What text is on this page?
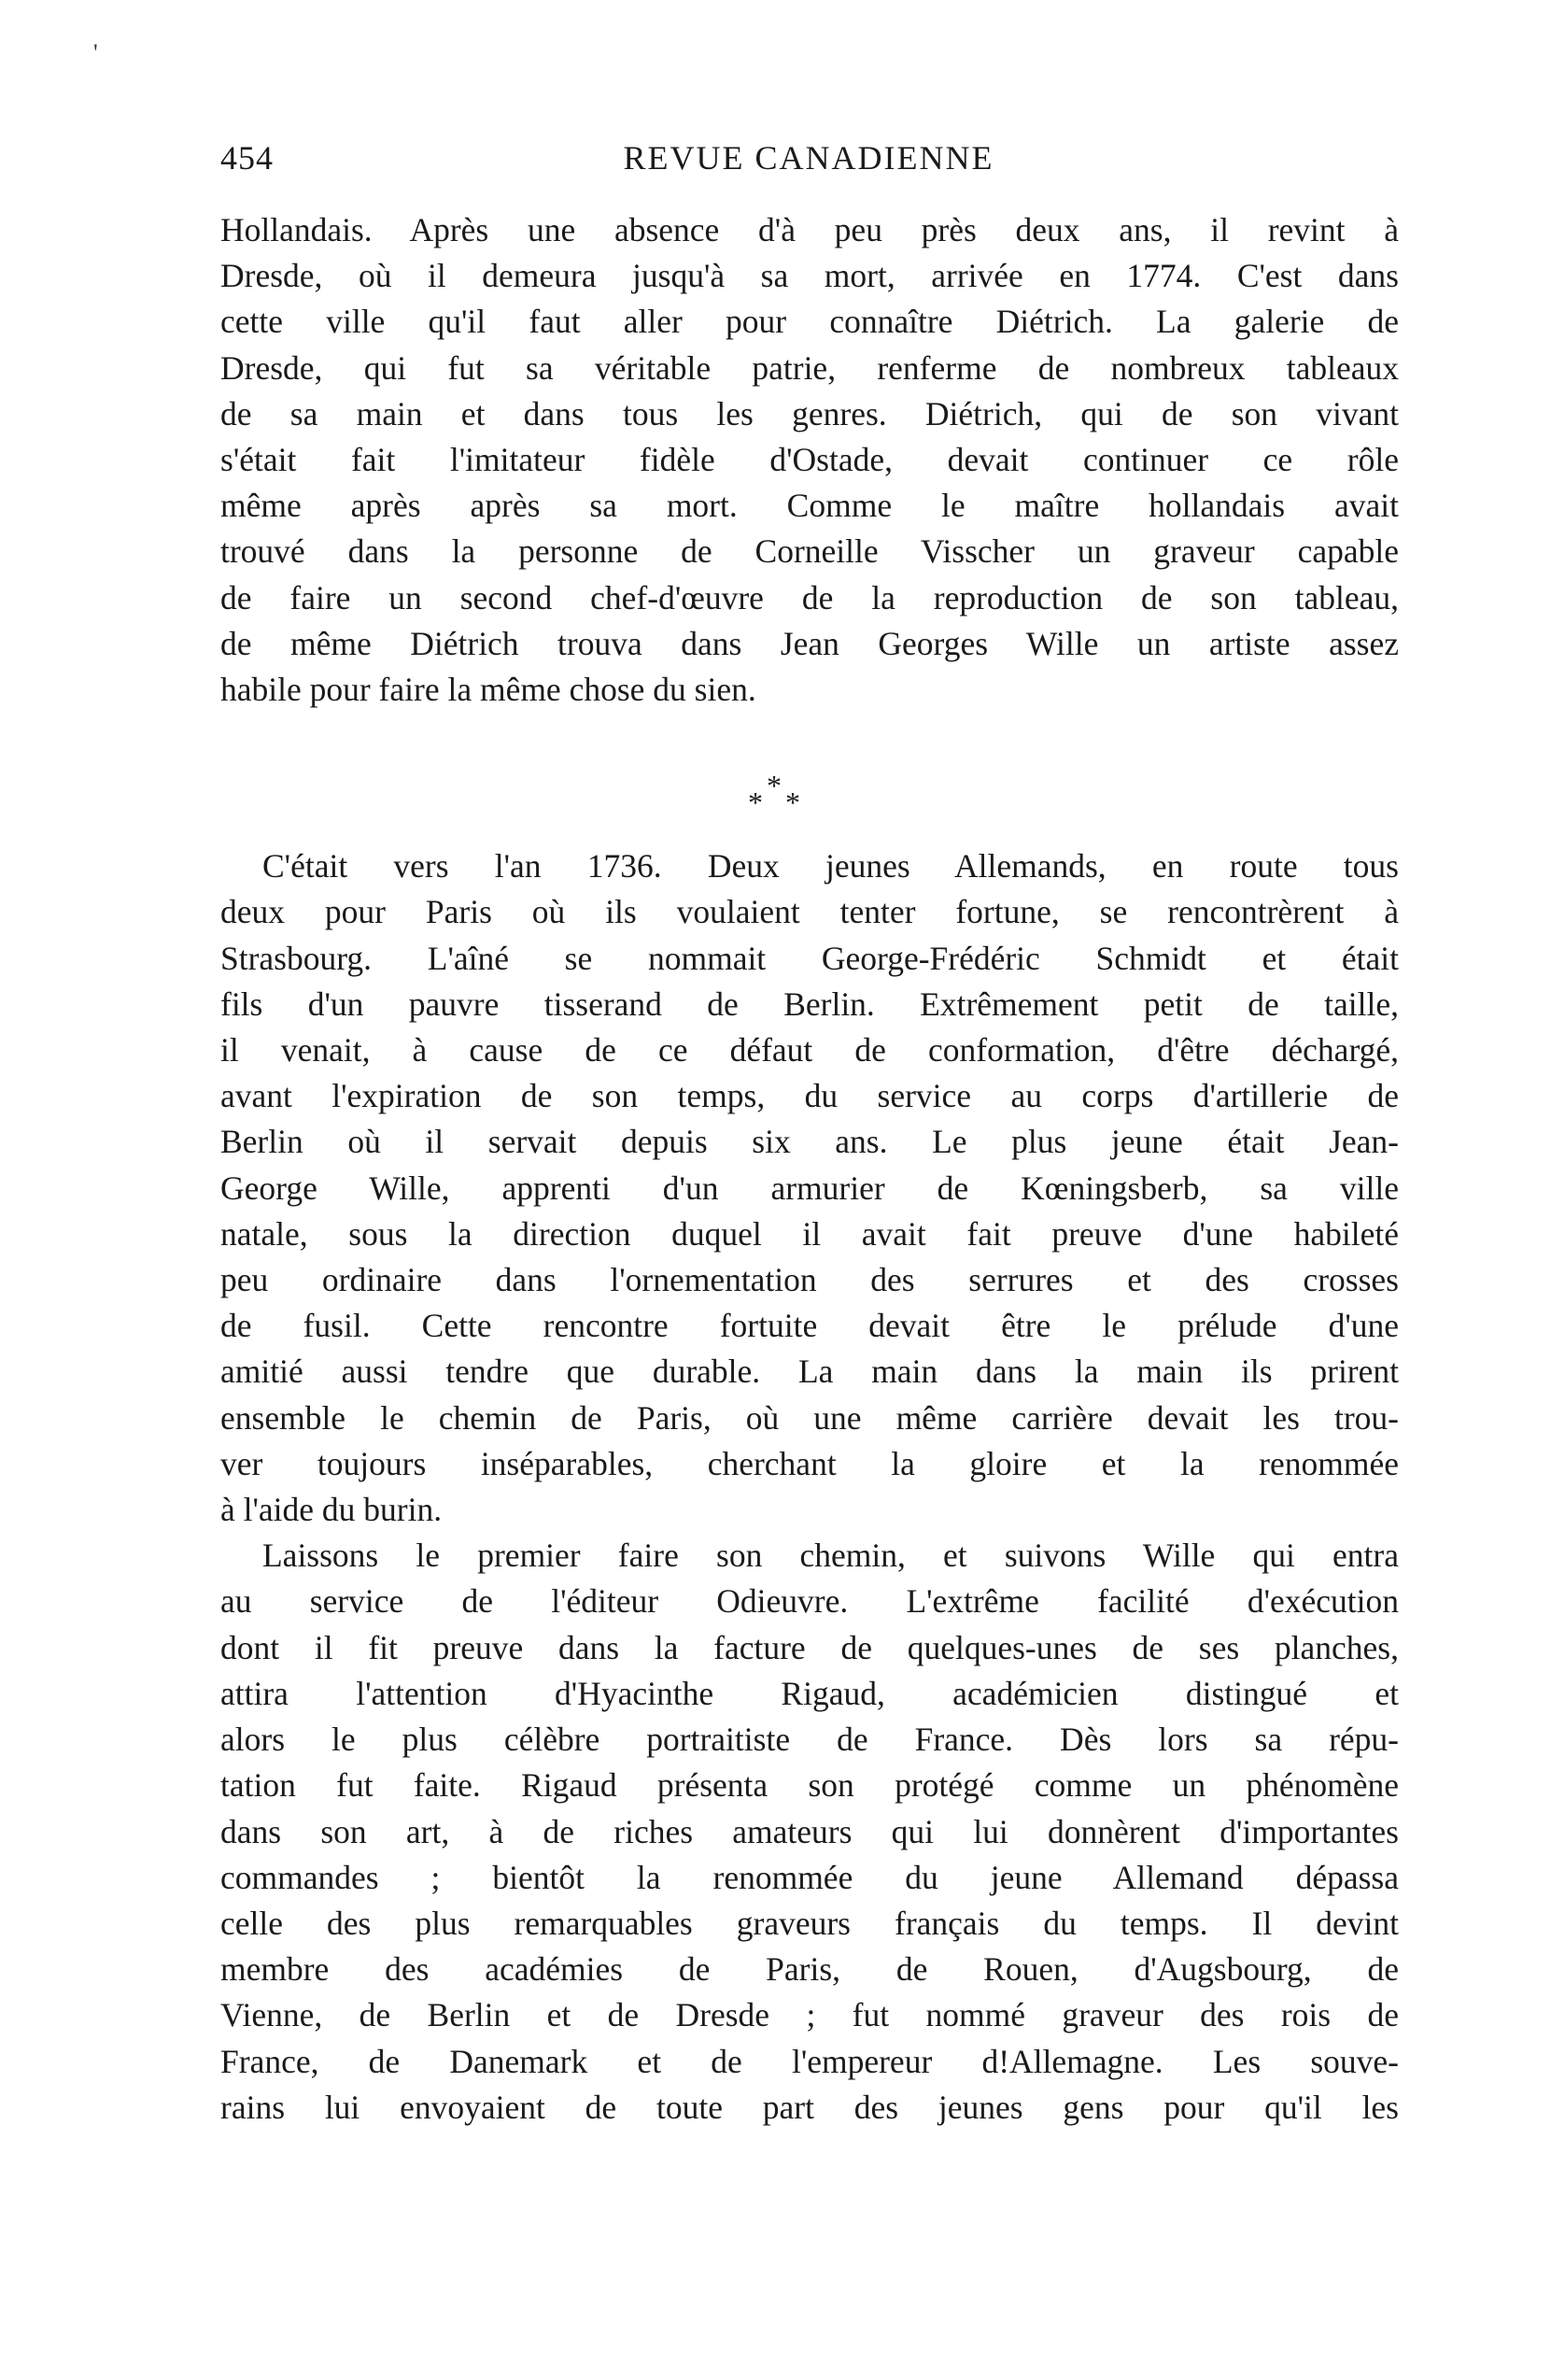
'
454	REVUE CANADIENNE

Hollandais. Après une absence d'à peu près deux ans, il revint à

Dresde, où il demeura jusqu'à sa mort, arrivée en 1774. C'est dans

cette ville qu'il faut aller pour connaître Diétrich. La galerie de

Dresde, qui fut sa véritable patrie, renferme de nombreux tableaux

de sa main et dans tous les genres. Diétrich, qui de son vivant

s'était fait l'imitateur fidèle d'Ostade, devait continuer ce rôle

même après après sa mort. Comme le maître hollandais avait

trouvé dans la personne de Corneille Visscher un graveur capable

de faire un second chef-d'œuvre de la reproduction de son tableau,

de même Diétrich trouva dans Jean Georges Wille un artiste assez

habile pour faire la même chose du sien.

*
* *

C'était vers l'an 1736. Deux jeunes Allemands, en route tous

deux pour Paris où ils voulaient tenter fortune, se rencontrèrent à

Strasbourg. L'aîné se nommait George-Frédéric Schmidt et était

fils d'un pauvre tisserand de Berlin. Extrêmement petit de taille,

il venait, à cause de ce défaut de conformation, d'être déchargé,

avant l'expiration de son temps, du service au corps d'artillerie de

Berlin où il servait depuis six ans. Le plus jeune était Jean-

George Wille, apprenti d'un armurier de Kœningsberb, sa ville

natale, sous la direction duquel il avait fait preuve d'une habileté

peu ordinaire dans l'ornementation des serrures et des crosses

de fusil. Cette rencontre fortuite devait être le prélude d'une

amitié aussi tendre que durable. La main dans la main ils prirent

ensemble le chemin de Paris, où une même carrière devait les trou-

ver toujours inséparables, cherchant la gloire et la renommée

à l'aide du burin.

Laissons le premier faire son chemin, et suivons Wille qui entra

au service de l'éditeur Odieuvre. L'extrême facilité d'exécution

dont il fit preuve dans la facture de quelques-unes de ses planches,

attira l'attention d'Hyacinthe Rigaud, académicien distingué et

alors le plus célèbre portraitiste de France. Dès lors sa répu-

tation fut faite. Rigaud présenta son protégé comme un phénomène

dans son art, à de riches amateurs qui lui donnèrent d'importantes

commandes ; bientôt la renommée du jeune Allemand dépassa

celle des plus remarquables graveurs français du temps. Il devint

membre des académies de Paris, de Rouen, d'Augsbourg, de

Vienne, de Berlin et de Dresde ; fut nommé graveur des rois de

France, de Danemark et de l'empereur d!Allemagne. Les souve-

rains lui envoyaient de toute part des jeunes gens pour qu'il les
